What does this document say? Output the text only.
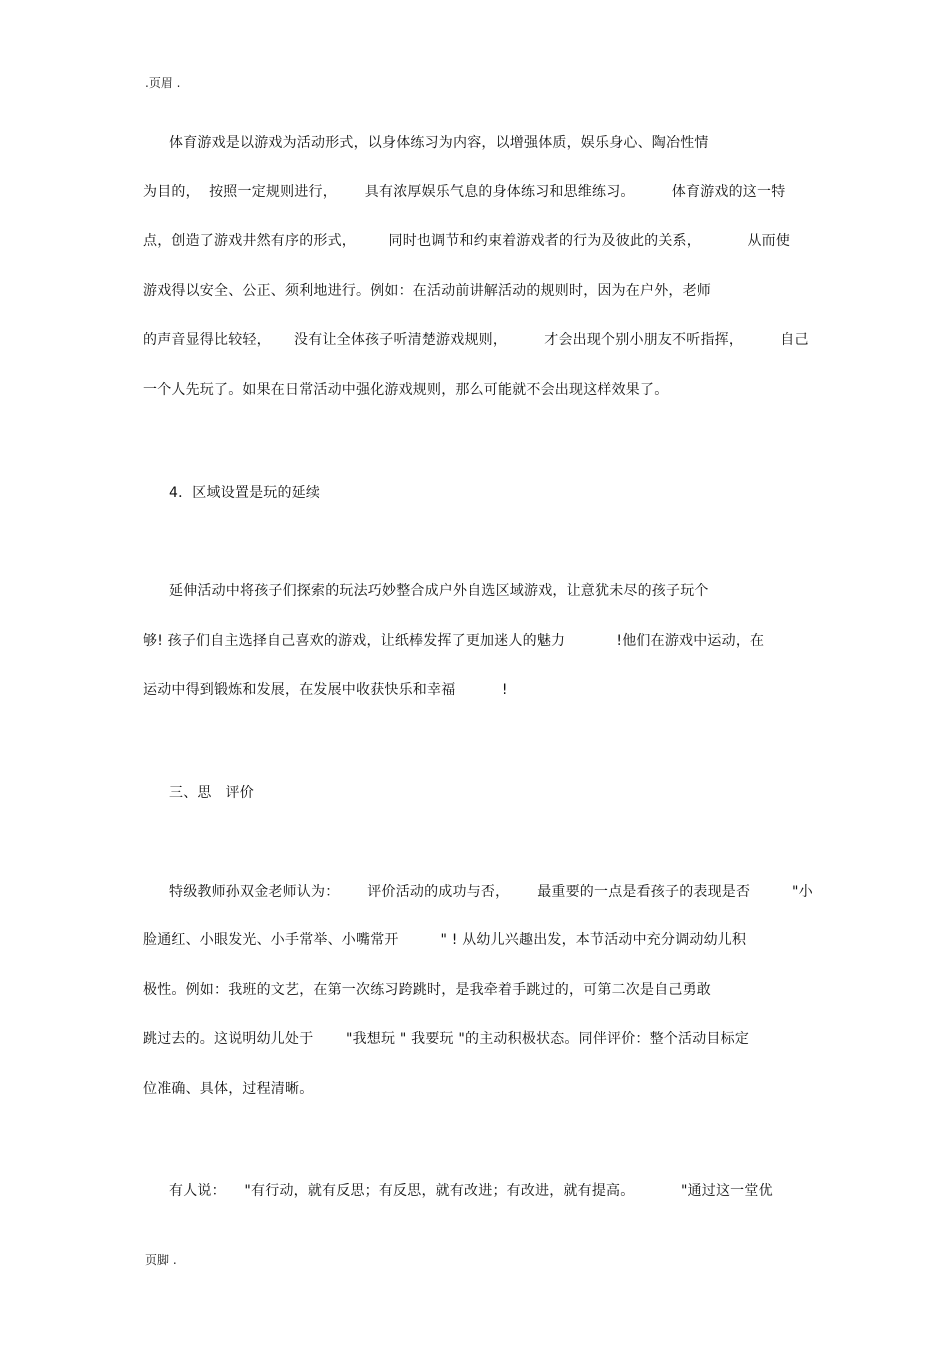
.页眉 .
体育游戏是以游戏为活动形式，以身体练习为内容，以增强体质，娱乐身心、陶冶性情
为目的，  按照一定规则进行，      具有浓厚娱乐气息的身体练习和思维练习。        体育游戏的这一特
点，创造了游戏井然有序的形式，       同时也调节和约束着游戏者的行为及彼此的关系，          从而使
游戏得以安全、公正、须利地进行。例如：在活动前讲解活动的规则时，因为在户外，老师
的声音显得比较轻，     没有让全体孩子听清楚游戏规则，        才会出现个别小朋友不听指挥，        自己
一个人先玩了。如果在日常活动中强化游戏规则，那么可能就不会出现这样效果了。
4．区域设置是玩的延续
延伸活动中将孩子们探索的玩法巧妙整合成户外自选区域游戏，让意犹未尽的孩子玩个
够! 孩子们自主选择自己喜欢的游戏，让纸棒发挥了更加迷人的魅力           !他们在游戏中运动，在
运动中得到锻炼和发展，在发展中收获快乐和幸福          !
三、思   评价
特级教师孙双金老师认为：      评价活动的成功与否，      最重要的一点是看孩子的表现是否         "小
脸通红、小眼发光、小手常举、小嘴常开         " ! 从幼儿兴趣出发，本节活动中充分调动幼儿积
极性。例如：我班的文艺，在第一次练习跨跳时，是我牵着手跳过的，可第二次是自己勇敢
跳过去的。这说明幼儿处于       "我想玩 " 我要玩 "的主动积极状态。同伴评价：整个活动目标定
位准确、具体，过程清晰。
有人说：    "有行动，就有反思；有反思，就有改进；有改进，就有提高。          "通过这一堂优
页脚 .
